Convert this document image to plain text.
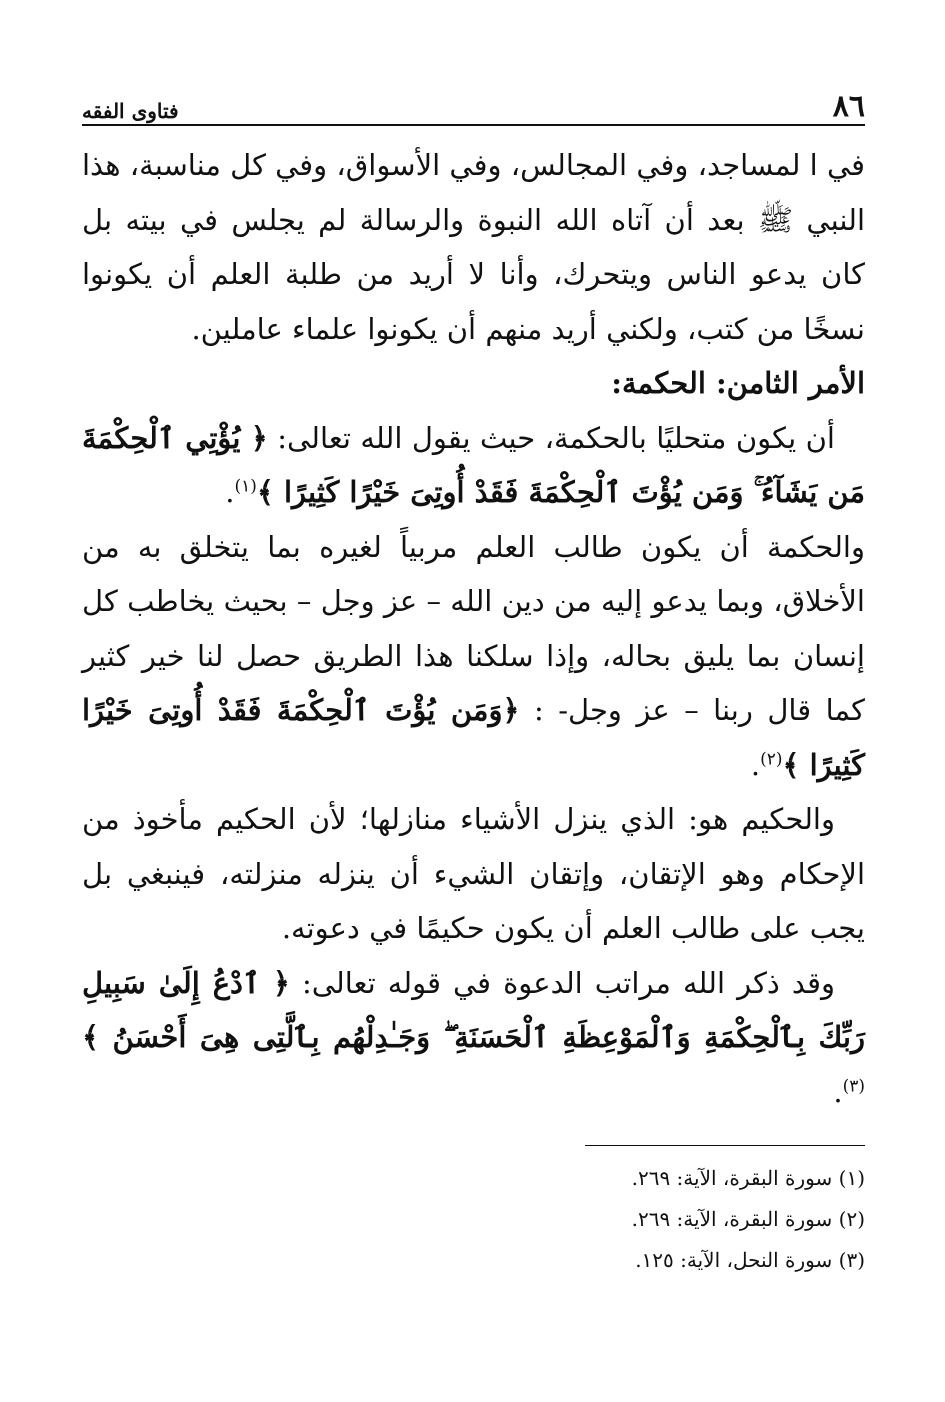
٨٦
فتاوى الفقه

في ا لمساجد، وفي المجالس، وفي الأسواق، وفي كل مناسبة، هذا النبي ﷺ بعد أن آتاه الله النبوة والرسالة لم يجلس في بيته بل كان يدعو الناس ويتحرك، وأنا لا أريد من طلبة العلم أن يكونوا نسخًا من كتب، ولكني أريد منهم أن يكونوا علماء عاملين.

الأمر الثامن: الحكمة:

أن يكون متحليًا بالحكمة، حيث يقول الله تعالى: ﴿ يُؤْتِي ٱلْحِكْمَةَ مَن يَشَآءُ ۚ وَمَن يُؤْتَ ٱلْحِكْمَةَ فَقَدْ أُوتِىَ خَيْرًا كَثِيرًا ﴾$^{(١)}$.

والحكمة أن يكون طالب العلم مربياً لغيره بما يتخلق به من الأخلاق، وبما يدعو إليه من دين الله – عز وجل – بحيث يخاطب كل إنسان بما يليق بحاله، وإذا سلكنا هذا الطريق حصل لنا خير كثير كما قال ربنا – عز وجل- : ﴿وَمَن يُؤْتَ ٱلْحِكْمَةَ فَقَدْ أُوتِىَ خَيْرًا كَثِيرًا ﴾$^{(٢)}$.

والحكيم هو: الذي ينزل الأشياء منازلها؛ لأن الحكيم مأخوذ من الإحكام وهو الإتقان، وإتقان الشيء أن ينزله منزلته، فينبغي بل يجب على طالب العلم أن يكون حكيمًا في دعوته.

وقد ذكر الله مراتب الدعوة في قوله تعالى: ﴿ ٱدْعُ إِلَىٰ سَبِيلِ رَبِّكَ بِٱلْحِكْمَةِ وَٱلْمَوْعِظَةِ ٱلْحَسَنَةِ ۖ وَجَـٰدِلْهُم بِٱلَّتِى هِىَ أَحْسَنُ ﴾$^{(٣)}$.

(١) سورة البقرة، الآية: ٢٦٩.
(٢) سورة البقرة، الآية: ٢٦٩.
(٣) سورة النحل، الآية: ١٢٥.
